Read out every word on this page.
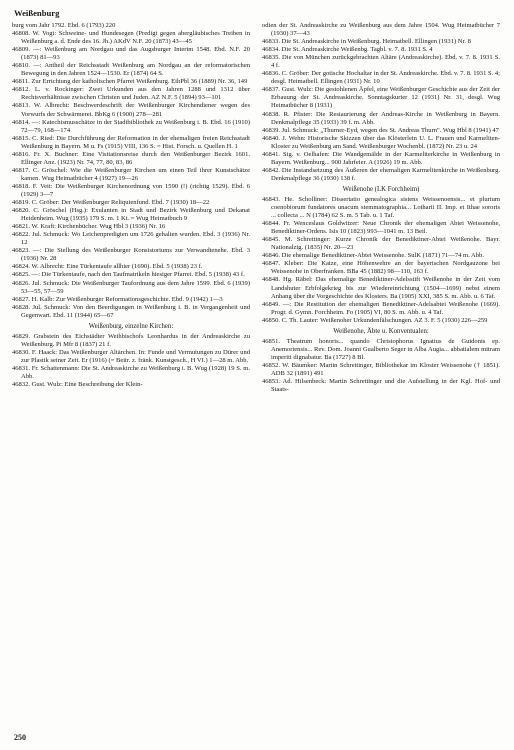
Weißenburg

burg vom Jahr 1792. Ebd. 6 (1793) 220

46808. W. Vogt: Schweine- und Hundesegen (Predigt gegen abergläubisches Treiben in Weißenburg a. d. Ende des 16. Jh.) AKdV N.F. 20 (1873) 43—45

46809. —: Weißenburg am Nordgau und das Augsburger Interim 1548. Ebd. N.F. 20 (1873) 81—93

46810. —: Antheil der Reichsstadt Weißenburg am Nordgau an der reformatorischen Bewegung in den Jahren 1524—1530. Er (1874) 64 S.

46811. Zur Errichtung der katholischen Pfarrei Weißenburg. EihPbl 36 (1889) Nr. 36, 149

46812. L. v. Rockinger: Zwei Urkunden aus den Jahren 1288 und 1312 über Rechtsverhältnisse zwischen Christen und Juden. AZ N.F. 5 (1894) 93—101

46813. W. Albrecht: Beschwerdeschrift der Weißenburger Kirchendiener wegen des Vorwurfs der Schwärmerei. BbKg 6 (1900) 278—281

46814. —: Katechismusschätze in der Stadtbibliothek zu Weißenburg i. B. Ebd. 16 (1910) 72—79, 168—174

46815. C. Ried: Die Durchführung der Reformation in der ehemaligen freien Reichsstadt Weißenburg in Bayern. M u. Fs (1915) VIII, 136 S. = Hist. Forsch. u. Quellen H. 1

46816. Fr. X. Buchner: Eine Visitationsreise durch den Weißenburger Bezirk 1601. Ellinger Anz. (1923) Nr. 74, 77, 80, 83, 86

46817. C. Gröschel: Wie die Weißenburger Kirchen um einen Teil ihrer Kunstschätze kamen. Wug Heimatbücher 4 (1927) 19—26

46818. F. Veit: Die Weißenburger Kirchenordnung von 1590 (!) (richtig 1529). Ebd. 6 (1929) 3—7

46819. C. Gröber: Der Weißenburger Reliquienfund. Ebd. 7 (1930) 18—22

46820. C. Gröschel (Hsg.): Exulanten in Stadt und Bezirk Weißenburg und Dekanat Heidenheim. Wug (1935) 179 S. m. 1 Kt. = Wug Heimatbuch 9

46821. W. Kraft: Kirchenbücher. Wug Hbl 3 (1936) Nr. 16

46822. Jul. Schmuck: Wo Leichenpredigten um 1726 gehalten wurden. Ebd. 3 (1936) Nr. 12

46823. —: Die Stellung des Weißenburger Konsistoriums zur Verwandtenehe. Ebd. 3 (1936) Nr. 28

46824. W. Albrecht: Eine Türkentaufe allhier (1690). Ebd. 5 (1938) 23 f.

46825. —: Die Türkentaufe, nach den Taufmatrikeln hiesiger Pfarrei. Ebd. 5 (1938) 43 f.

46826. Jul. Schmuck: Die Weißenburger Taufordnung aus dem Jahre 1599. Ebd. 6 (1939) 53—55, 57—59

46827. H. Kalb: Zur Weißenburger Reformationsgeschichte. Ebd. 9 (1942) 1—3

46828. Jul. Schmuck: Von den Beerdigungen in Weißenburg i. B. in Vergangenheit und Gegenwart. Ebd. 11 (1944) 65—67

Weißenburg, einzelne Kirchen:

46829. Grabstein des Eichstädter Weihbischofs Leonhardus in der Andreaskirche zu Weißenburg. Pi Mfr 8 (1837) 21 f.

46830. F. Haack: Das Weißenburger Altärchen. In: Funde und Vermutungen zu Dürer und zur Plastik seiner Zeit. Er (1916) (= Beitr. z. fränk. Kunstgesch., H VI.) 1—28 m. Abb.

46831. Fr. Schattenmann: Die St. Andreaskirche zu Weißenburg i. B. Wug (1928) 19 S. m. Abb.

46832. Gust. Wulz: Eine Beschreibung der Klein-

odien der St. Andreaskirche zu Weißenburg aus dem Jahre 1504. Wug Heimatbücher 7 (1930) 37—43

46833. Die St. Andreaskirche in Weißenburg. Heimatbell. Ellingen (1931) Nr. 8

46834. Die St. Andreaskirche Weißenbg. Tagbl. v. 7. 8. 1931 S. 4

46835. Die von München zurückgebrachten Altäre (Andreaskirche). Ebd. v. 7. 8. 1931 S. 4 f.

46836. C. Gröber: Der gotische Hochaltar in der St. Andreaskirche. Ebd. v. 7. 8. 1931 S. 4; desgl. Heimatbell. Ellingen (1931) Nr. 10

46837. Gust. Wulz: Die gestohlenen Äpfel, eine Weißenburger Geschichte aus der Zeit der Erbauung der St. Andreaskirche. Sonntagskurier 12 (1931) Nr. 31, desgl. Wug Heimatbücher 8 (1931)

46838. R. Pfister: Die Restaurierung der Andreas-Kirche in Weißenburg in Bayern. Denkmalpflege 35 (1933) 39 f. m. Abb.

46839. Jul. Schmuck: „Thurner-Eyd, wegen des St. Andreas Thurn". Wug Hbl 8 (1941) 47

46840. J. Wehn: Historische Skizzen über das Klösterlein U. L. Frauen und Karmeliten-Kloster zu Weißenburg am Sand. Weißenburger Wochenbl. (1872) Nr. 23 u. 24

46841. Sig. v. Oelhafen: Die Wandgemälde in der Karmeliterkirche in Weißenburg in Bayern. Weißenburg... 900 Jahrfeier. A (1926) 19 m. Abb.

46842. Die Instandsetzung des Äußeren der ehemaligen Karmelitenkirche in Weißenburg. Denkmalpflege 36 (1930) 138 f.

Weißenohe (LK Forchheim)

46843. He. Scholliner: Dissertatio genealogica sistens Weissenoensis... et plurium coenobiorum fundatores unacum stemmatographia... Lotharii II. Imp. et Ithae sororis ... collecta ... N (1784) 62 S. m. 5 Tab. u. 1 Taf.

46844. Fr. Wenceslaus Goldwitzer: Neue Chronik der ehemaligen Abtei Weissenohe, Benediktiner-Ordens. Isis 10 (1823) 993—1041 m. 13 Beil.

46845. M. Schrettinger: Kurze Chronik der Benediktiner-Abtei Weißenohe. Bayr. Nationalztg. (1835) Nr. 20—23

46846. Die ehemalige Benediktiner-Abtei Weissenohe. SulK (1871) 71—74 m. Abb.

46847. Kleber: Die Katze, eine Höhenwehre an der bayerischen Nordgauzone bei Weissenohe in Oberfranken. BBa 45 (1882) 98—110, 163 f.

46848. Hg. Räbel: Das ehemalige Benediktiner-Adelsstift Weißenohe in der Zeit vom Landshuter Erbfolgekrieg bis zur Wiedereinrichtung (1504—1699) nebst einem Anhang über die Vorgeschichte des Klosters. Ba (1905) XXI, 385 S. m. Abb. u. 6 Taf.

46849. —: Die Restitution der ehemaligen Benediktiner-Adelsabtei Weißenohe (1669). Progr. d. Gymn. Forchheim. Fo (1905) VI, 80 S. m. Abb. u. 4 Taf.

46850. C. Th. Lauter: Weißenoher Urkundenfälschungen. AZ 3. F. 5 (1930) 226—259

Weißenohe, Äbte u. Konventualen:

46851. Theatrum honoris... quando Christophorus Ignatius de Guidonis ep. Anemoriensis... Rev. Dom. Joanni Gualberto Seger in Alba Augia... abbatialem mitram imperiti dignabatur. Ba (1727) 8 Bl.

46852. W. Bäumker: Martin Schrettinger, Bibliothekar im Kloster Weissenohe († 1851). ADB 32 (1891) 491

46853. Ad. Hilsenbeck: Martin Schrettinger und die Aufstellung in der Kgl. Hof- und Staats-

250
